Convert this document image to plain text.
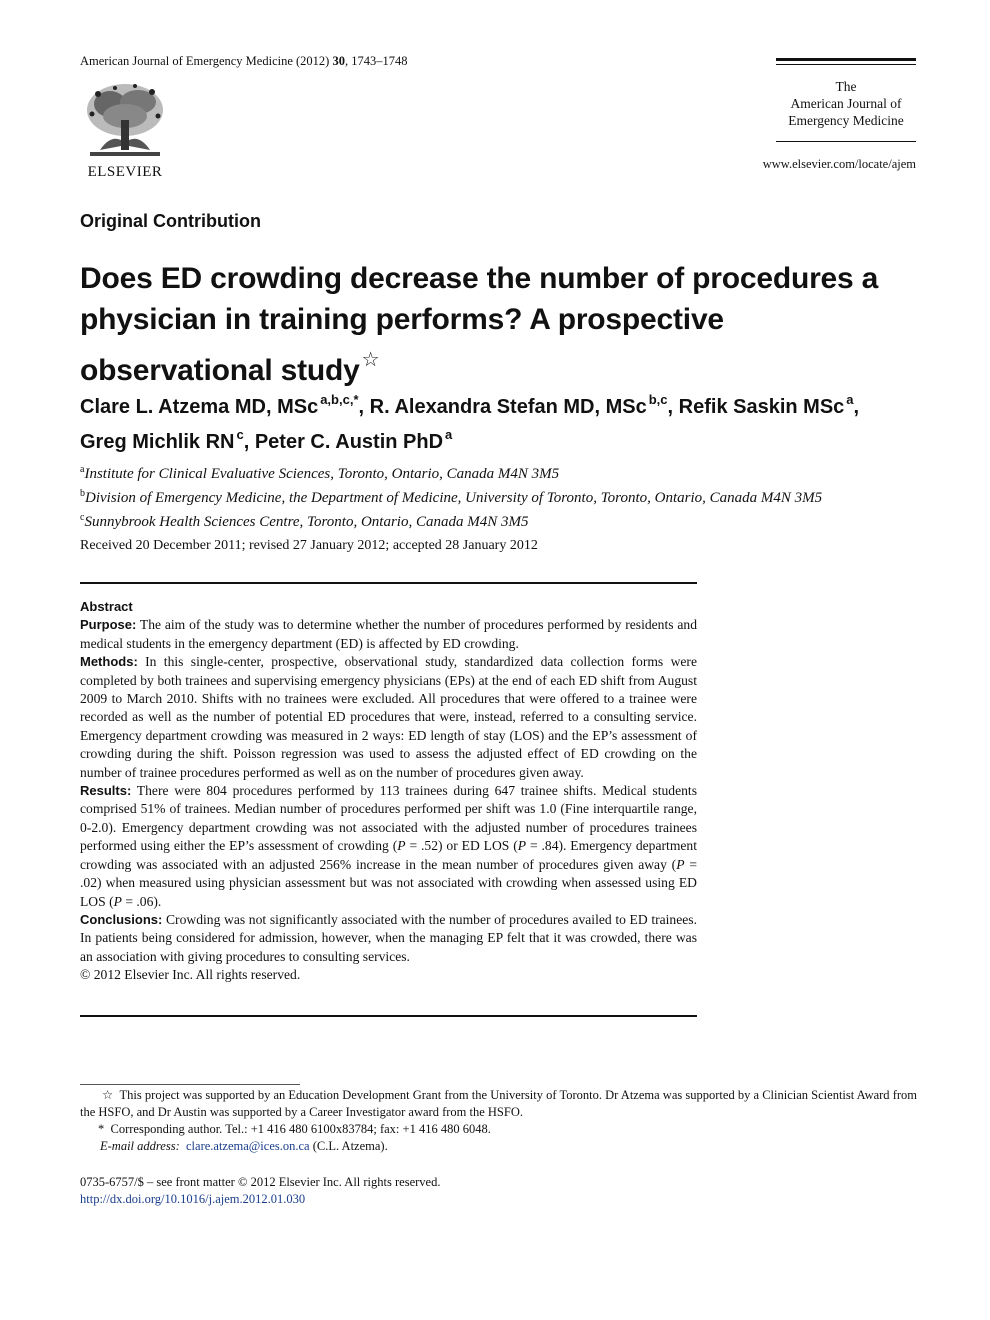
American Journal of Emergency Medicine (2012) 30, 1743–1748
ELSEVIER
The
American Journal of
Emergency Medicine
www.elsevier.com/locate/ajem
Original Contribution
Does ED crowding decrease the number of procedures a physician in training performs? A prospective observational study ☆
Clare L. Atzema MD, MSc $^{a,b,c,*}$, R. Alexandra Stefan MD, MSc $^{b,c}$, Refik Saskin MSc $^a$,
Greg Michlik RN $^c$, Peter C. Austin PhD $^a$
$^a$Institute for Clinical Evaluative Sciences, Toronto, Ontario, Canada M4N 3M5
$^b$Division of Emergency Medicine, the Department of Medicine, University of Toronto, Toronto, Ontario, Canada M4N 3M5
$^c$Sunnybrook Health Sciences Centre, Toronto, Ontario, Canada M4N 3M5
Received 20 December 2011; revised 27 January 2012; accepted 28 January 2012

Abstract

Purpose: The aim of the study was to determine whether the number of procedures performed by residents and medical students in the emergency department (ED) is affected by ED crowding.

Methods: In this single-center, prospective, observational study, standardized data collection forms were completed by both trainees and supervising emergency physicians (EPs) at the end of each ED shift from August 2009 to March 2010. Shifts with no trainees were excluded. All procedures that were offered to a trainee were recorded as well as the number of potential ED procedures that were, instead, referred to a consulting service. Emergency department crowding was measured in 2 ways: ED length of stay (LOS) and the EP’s assessment of crowding during the shift. Poisson regression was used to assess the adjusted effect of ED crowding on the number of trainee procedures performed as well as on the number of procedures given away.

Results: There were 804 procedures performed by 113 trainees during 647 trainee shifts. Medical students comprised 51% of trainees. Median number of procedures performed per shift was 1.0 (Fine interquartile range, 0-2.0). Emergency department crowding was not associated with the adjusted number of procedures trainees performed using either the EP’s assessment of crowding (P = .52) or ED LOS (P = .84). Emergency department crowding was associated with an adjusted 256% increase in the mean number of procedures given away (P = .02) when measured using physician assessment but was not associated with crowding when assessed using ED LOS (P = .06).

Conclusions: Crowding was not significantly associated with the number of procedures availed to ED trainees. In patients being considered for admission, however, when the managing EP felt that it was crowded, there was an association with giving procedures to consulting services.

© 2012 Elsevier Inc. All rights reserved.

☆ This project was supported by an Education Development Grant from the University of Toronto. Dr Atzema was supported by a Clinician Scientist Award from the HSFO, and Dr Austin was supported by a Career Investigator award from the HSFO.

* Corresponding author. Tel.: +1 416 480 6100x83784; fax: +1 416 480 6048.

E-mail address: clare.atzema@ices.on.ca (C.L. Atzema).

0735-6757/$ – see front matter © 2012 Elsevier Inc. All rights reserved.
http://dx.doi.org/10.1016/j.ajem.2012.01.030
